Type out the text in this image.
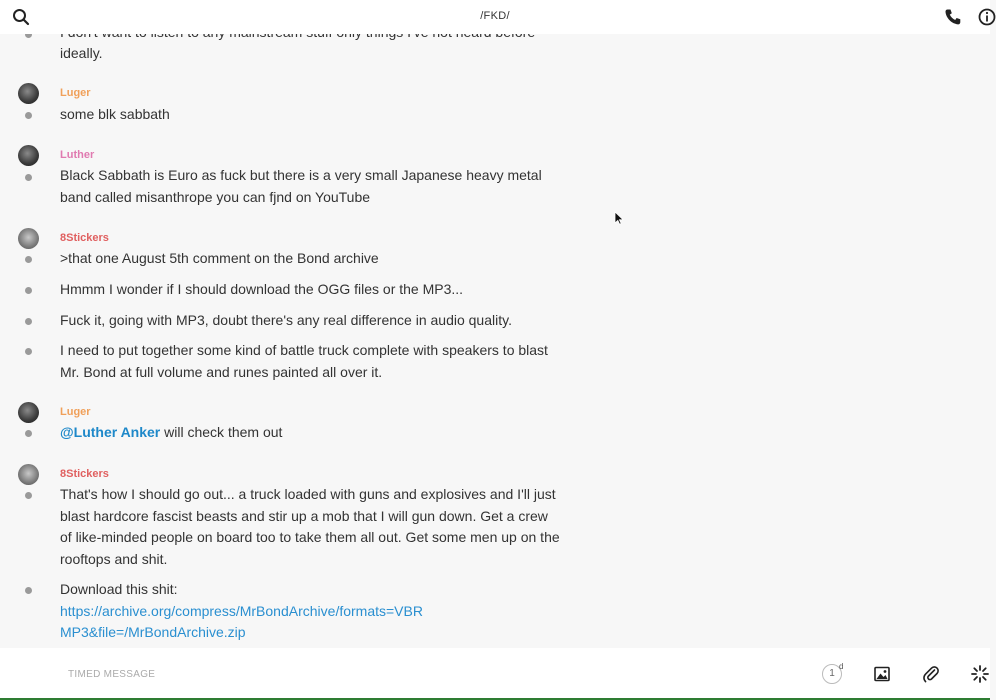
/FKD/
ideally.
Luger
some blk sabbath
Luther
Black Sabbath is Euro as fuck but there is a very small Japanese heavy metal band called misanthrope you can fjnd on YouTube
8Stickers
>that one August 5th comment on the Bond archive
Hmmm I wonder if I should download the OGG files or the MP3...
Fuck it, going with MP3, doubt there's any real difference in audio quality.
I need to put together some kind of battle truck complete with speakers to blast Mr. Bond at full volume and runes painted all over it.
Luger
@Luther Anker will check them out
8Stickers
That's how I should go out... a truck loaded with guns and explosives and I'll just blast hardcore fascist beasts and stir up a mob that I will gun down. Get a crew of like-minded people on board too to take them all out. Get some men up on the rooftops and shit.
Download this shit:
https://archive.org/compress/MrBondArchive/formats=VBR MP3&file=/MrBondArchive.zip
TIMED MESSAGE	1
d
